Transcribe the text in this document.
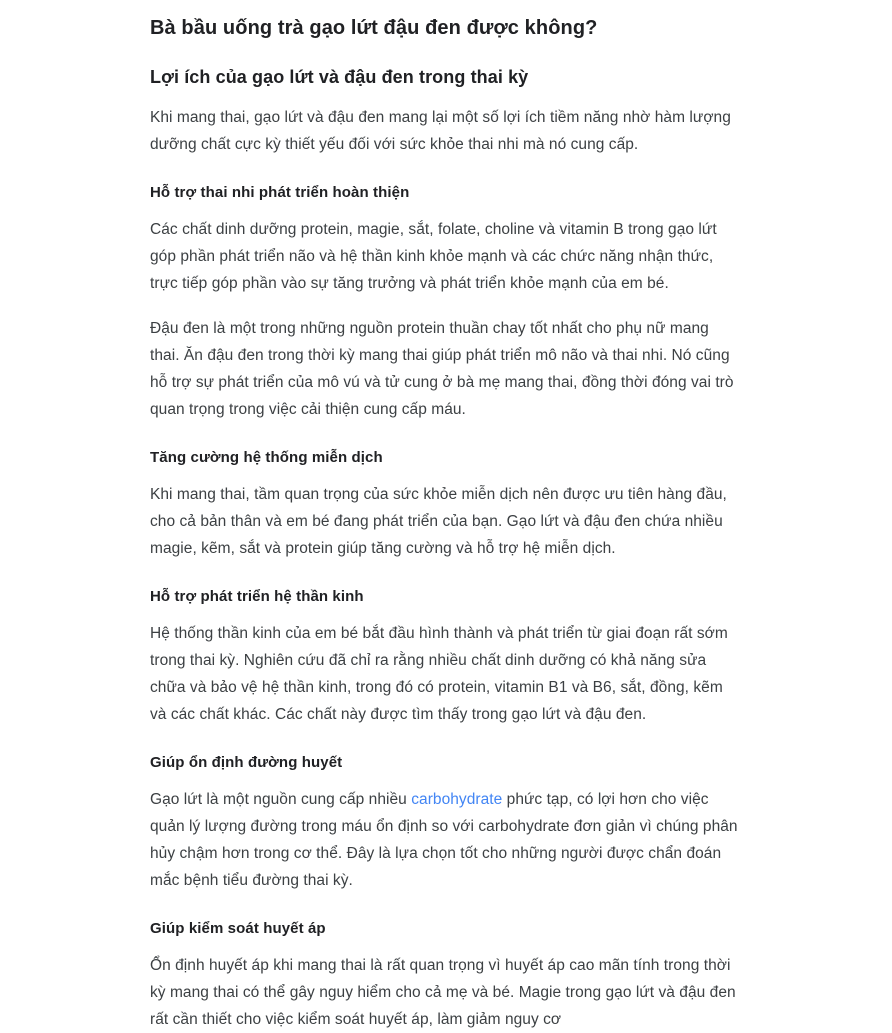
Bà bầu uống trà gạo lứt đậu đen được không?
Lợi ích của gạo lứt và đậu đen trong thai kỳ

Khi mang thai, gạo lứt và đậu đen mang lại một số lợi ích tiềm năng nhờ hàm lượng dưỡng chất cực kỳ thiết yếu đối với sức khỏe thai nhi mà nó cung cấp.

Hỗ trợ thai nhi phát triển hoàn thiện

Các chất dinh dưỡng protein, magie, sắt, folate, choline và vitamin B trong gạo lứt góp phần phát triển não và hệ thần kinh khỏe mạnh và các chức năng nhận thức, trực tiếp góp phần vào sự tăng trưởng và phát triển khỏe mạnh của em bé.

Đậu đen là một trong những nguồn protein thuần chay tốt nhất cho phụ nữ mang thai. Ăn đậu đen trong thời kỳ mang thai giúp phát triển mô não và thai nhi. Nó cũng hỗ trợ sự phát triển của mô vú và tử cung ở bà mẹ mang thai, đồng thời đóng vai trò quan trọng trong việc cải thiện cung cấp máu.

Tăng cường hệ thống miễn dịch

Khi mang thai, tầm quan trọng của sức khỏe miễn dịch nên được ưu tiên hàng đầu, cho cả bản thân và em bé đang phát triển của bạn. Gạo lứt và đậu đen chứa nhiều magie, kẽm, sắt và protein giúp tăng cường và hỗ trợ hệ miễn dịch.

Hỗ trợ phát triển hệ thần kinh

Hệ thống thần kinh của em bé bắt đầu hình thành và phát triển từ giai đoạn rất sớm trong thai kỳ. Nghiên cứu đã chỉ ra rằng nhiều chất dinh dưỡng có khả năng sửa chữa và bảo vệ hệ thần kinh, trong đó có protein, vitamin B1 và B6, sắt, đồng, kẽm và các chất khác. Các chất này được tìm thấy trong gạo lứt và đậu đen.

Giúp ổn định đường huyết

Gạo lứt là một nguồn cung cấp nhiều carbohydrate phức tạp, có lợi hơn cho việc quản lý lượng đường trong máu ổn định so với carbohydrate đơn giản vì chúng phân hủy chậm hơn trong cơ thể. Đây là lựa chọn tốt cho những người được chẩn đoán mắc bệnh tiểu đường thai kỳ.

Giúp kiểm soát huyết áp

Ổn định huyết áp khi mang thai là rất quan trọng vì huyết áp cao mãn tính trong thời kỳ mang thai có thể gây nguy hiểm cho cả mẹ và bé. Magie trong gạo lứt và đậu đen rất cần thiết cho việc kiểm soát huyết áp, làm giảm nguy cơ
